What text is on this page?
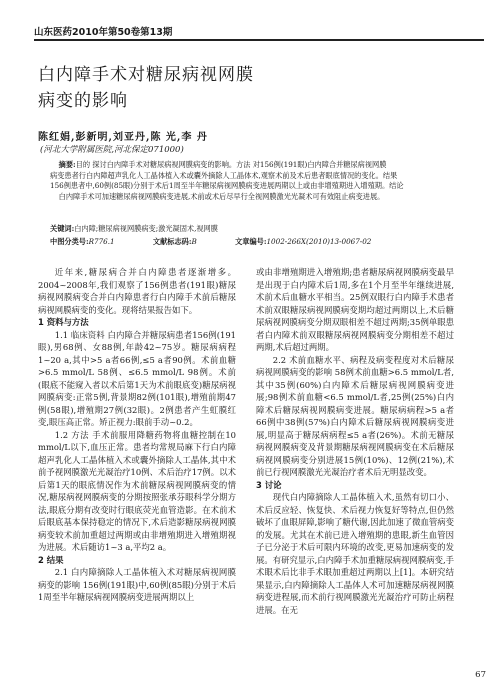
山东医药2010年第50卷第13期
白内障手术对糖尿病视网膜
病变的影响
陈红娟,彭新明,刘亚丹,陈 光,李 丹
(河北大学附属医院,河北保定071000)

摘要:目的 探讨白内障手术对糖尿病视网膜病变的影响。方法 对156例(191眼)白内障合并糖尿病视网膜

病变患者行白内障超声乳化人工晶体植入术或囊外摘除人工晶体术,观察术前及术后患者眼底情况的变化。结果

156例患者中,60例(85眼)分别于术后1周至半年糖尿病视网膜病变进展两期以上或由非增殖期进入增殖期。结论

白内障手术可加速糖尿病视网膜病变进展,术前或术后尽早行全视网膜激光光凝术可有效阻止病变进展。

关键词:白内障;糖尿病视网膜病变;激光凝固术,视网膜
中图分类号:R776.1	文献标志码:B	文章编号:1002-266X(2010)13-0067-02

近年来,糖尿病合并白内障患者逐渐增多。2004~2008年,我们观察了156例患者(191眼)糖尿病视网膜病变合并白内障患者行白内障手术前后糖尿病视网膜病变的变化。现将结果报告如下。

1 资料与方法

1.1 临床资料 白内障合并糖尿病患者156例(191眼),男68例、女88例,年龄42~75岁。糖尿病病程1~20 a,其中>5 a者66例,≤5 a者90例。术前血糖>6.5 mmol/L 58例、≤6.5 mmol/L 98例。术前(眼底不能窥入者以术后第1天为术前眼底变)糖尿病视网膜病变:正常5例,背景期82例(101眼),增殖前期47例(58眼),增殖期27例(32眼)。2例患者产生虹膜红变,眼压高正常。矫正视力:眼前手动~0.2。

1.2 方法 手术前服用降糖药物将血糖控制在10 mmol/L以下,血压正常。患者均常规局麻下行白内障超声乳化人工晶体植入术或囊外摘除人工晶体,其中术前予视网膜激光光凝治疗10例、术后治疗17例。以术后第1天的眼底情况作为术前糖尿病视网膜病变的情况,糖尿病视网膜病变的分期按照张承芬眼科学分期方法,眼底分期有改变时行眼底荧光血管造影。在术前术后眼底基本保持稳定的情况下,术后造影糖尿病视网膜病变较术前加重超过两期或由非增殖期进入增殖期视为进展。术后随访1~3 a,平均2 a。

2 结果

2.1 白内障摘除人工晶体植入术对糖尿病视网膜病变的影响 156例(191眼)中,60例(85眼)分别于术后1周至半年糖尿病视网膜病变进展两期以上

或由非增殖期进入增殖期;患者糖尿病视网膜病变最早是出现于白内障术后1周,多在1个月至半年继续进展,术前术后血糖水平相当。25例双眼行白内障手术患者术前双眼糖尿病视网膜病变期均超过两期以上,术后糖尿病视网膜病变分期双眼相差不超过两期;35例单眼患者白内障术前双眼糖尿病视网膜病变分期相差不超过两期,术后超过两期。

2.2 术前血糖水平、病程及病变程度对术后糖尿病视网膜病变的影响 58例术前血糖>6.5 mmol/L者,其中35例(60%)白内障术后糖尿病视网膜病变进展;98例术前血糖<6.5 mmol/L者,25例(25%)白内障术后糖尿病视网膜病变进展。糖尿病病程>5 a者66例中38例(57%)白内障术后糖尿病视网膜病变进展,明显高于糖尿病病程≤5 a者(26%)。术前无糖尿病视网膜病变及背景期糖尿病视网膜病变在术后糖尿病视网膜病变分别进展15例(10%)、12例(21%),术前已行视网膜激光光凝治疗者术后无明显改变。

3 讨论

现代白内障摘除人工晶体植入术,虽然有切口小、术后反应轻、恢复快、术后视力恢复好等特点,但仍然破坏了血眼屏障,影响了糖代谢,因此加速了微血管病变的发展。尤其在术前已进入增殖期的患眼,新生血管因子已分泌于术后可限内环境的改变,更易加速病变的发展。有研究显示,白内障手术加重糖尿病视网膜病变,手术眼术后比非手术眼加重超过两期以上[1]。本研究结果显示,白内障摘除人工晶体人术可加速糖尿病视网膜病变进程展,而术前行视网膜激光光凝治疗可防止病程进展。在无

67
